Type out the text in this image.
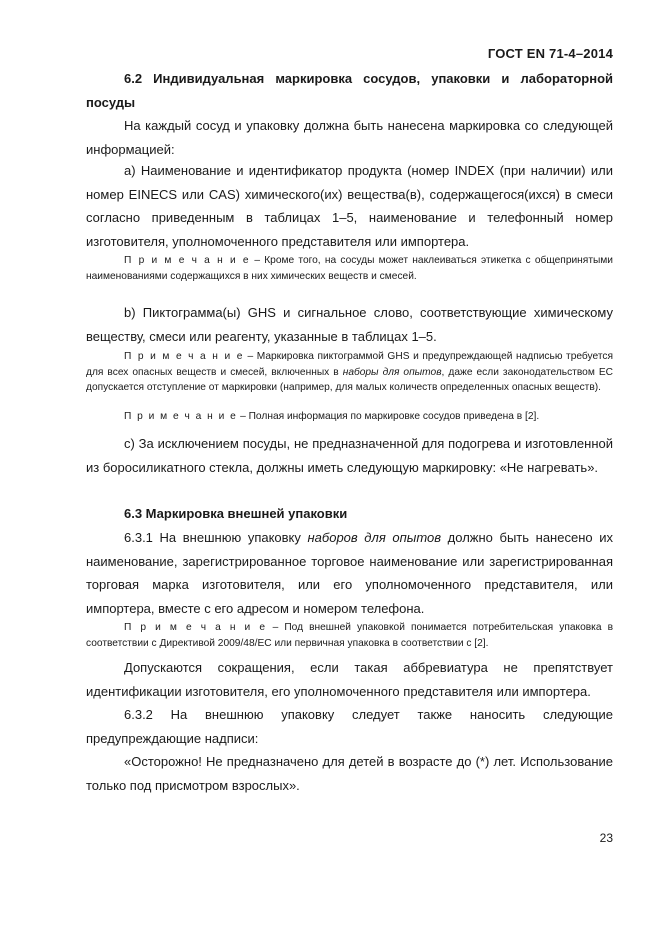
ГОСТ EN 71-4–2014
6.2 Индивидуальная маркировка сосудов, упаковки и лабораторной посуды
На каждый сосуд и упаковку должна быть нанесена маркировка со следующей информацией:
а) Наименование и идентификатор продукта (номер INDEX (при наличии) или номер EINECS или CAS) химического(их) вещества(в), содержащегося(ихся) в смеси согласно приведенным в таблицах 1–5, наименование и телефонный номер изготовителя, уполномоченного представителя или импортера.
П р и м е ч а н и е – Кроме того, на сосуды может наклеиваться этикетка с общепринятыми наименованиями содержащихся в них химических веществ и смесей.
b) Пиктограмма(ы) GHS и сигнальное слово, соответствующие химическому веществу, смеси или реагенту, указанные в таблицах 1–5.
П р и м е ч а н и е – Маркировка пиктограммой GHS и предупреждающей надписью требуется для всех опасных веществ и смесей, включенных в наборы для опытов, даже если законодательством ЕС допускается отступление от маркировки (например, для малых количеств определенных опасных веществ).
П р и м е ч а н и е – Полная информация по маркировке сосудов приведена в [2].
с) За исключением посуды, не предназначенной для подогрева и изготовленной из боросиликатного стекла, должны иметь следующую маркировку: «Не нагревать».
6.3 Маркировка внешней упаковки
6.3.1 На внешнюю упаковку наборов для опытов должно быть нанесено их наименование, зарегистрированное торговое наименование или зарегистрированная торговая марка изготовителя, или его уполномоченного представителя, или импортера, вместе с его адресом и номером телефона.
П р и м е ч а н и е – Под внешней упаковкой понимается потребительская упаковка в соответствии с Директивой 2009/48/EC или первичная упаковка в соответствии с [2].
Допускаются сокращения, если такая аббревиатура не препятствует идентификации изготовителя, его уполномоченного представителя или импортера.
6.3.2 На внешнюю упаковку следует также наносить следующие предупреждающие надписи:
«Осторожно! Не предназначено для детей в возрасте до (*) лет. Использование только под присмотром взрослых».
23
